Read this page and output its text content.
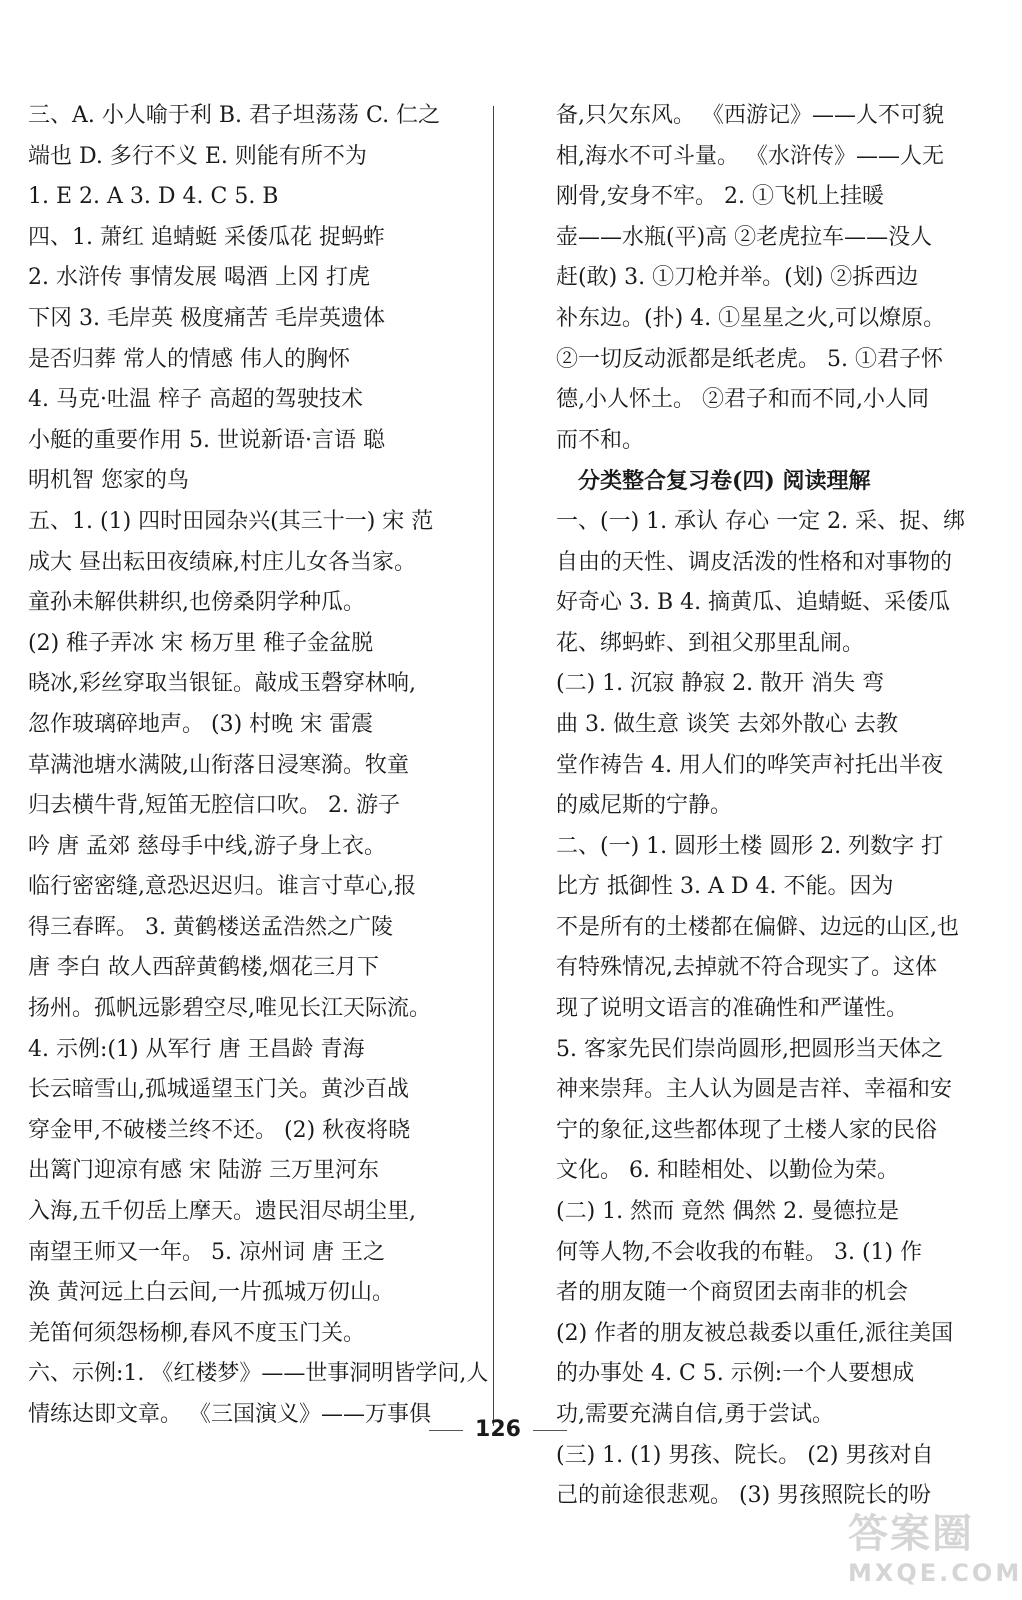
三、A. 小人喻于利 B. 君子坦荡荡 C. 仁之
端也 D. 多行不义 E. 则能有所不为
1. E 2. A 3. D 4. C 5. B
四、1. 萧红 追蜻蜓 采倭瓜花 捉蚂蚱
2. 水浒传 事情发展 喝酒 上冈 打虎
下冈 3. 毛岸英 极度痛苦 毛岸英遗体
是否归葬 常人的情感 伟人的胸怀
4. 马克·吐温 梓子 高超的驾驶技术
小艇的重要作用 5. 世说新语·言语 聪
明机智 您家的鸟
五、1. (1) 四时田园杂兴(其三十一) 宋 范
成大 昼出耘田夜绩麻,村庄儿女各当家。
童孙未解供耕织,也傍桑阴学种瓜。
(2) 稚子弄冰 宋 杨万里 稚子金盆脱
晓冰,彩丝穿取当银钲。敲成玉磬穿林响,
忽作玻璃碎地声。 (3) 村晚 宋 雷震
草满池塘水满陂,山衔落日浸寒漪。牧童
归去横牛背,短笛无腔信口吹。 2. 游子
吟 唐 孟郊 慈母手中线,游子身上衣。
临行密密缝,意恐迟迟归。谁言寸草心,报
得三春晖。 3. 黄鹤楼送孟浩然之广陵
唐 李白 故人西辞黄鹤楼,烟花三月下
扬州。孤帆远影碧空尽,唯见长江天际流。
4. 示例:(1) 从军行 唐 王昌龄 青海
长云暗雪山,孤城遥望玉门关。黄沙百战
穿金甲,不破楼兰终不还。 (2) 秋夜将晓
出篱门迎凉有感 宋 陆游 三万里河东
入海,五千仞岳上摩天。遗民泪尽胡尘里,
南望王师又一年。 5. 凉州词 唐 王之
涣 黄河远上白云间,一片孤城万仞山。
羌笛何须怨杨柳,春风不度玉门关。
六、示例:1. 《红楼梦》——世事洞明皆学问,人
情练达即文章。 《三国演义》——万事俱
备,只欠东风。 《西游记》——人不可貌
相,海水不可斗量。 《水浒传》——人无
刚骨,安身不牢。 2. ①飞机上挂暖
壶——水瓶(平)高 ②老虎拉车——没人
赶(敢) 3. ①刀枪并举。(划) ②拆西边
补东边。(扑) 4. ①星星之火,可以燎原。
②一切反动派都是纸老虎。 5. ①君子怀
德,小人怀土。 ②君子和而不同,小人同
而不和。
分类整合复习卷(四) 阅读理解
一、(一) 1. 承认 存心 一定 2. 采、捉、绑
自由的天性、调皮活泼的性格和对事物的
好奇心 3. B 4. 摘黄瓜、追蜻蜓、采倭瓜
花、绑蚂蚱、到祖父那里乱闹。
(二) 1. 沉寂 静寂 2. 散开 消失 弯
曲 3. 做生意 谈笑 去郊外散心 去教
堂作祷告 4. 用人们的哗笑声衬托出半夜
的威尼斯的宁静。
二、(一) 1. 圆形土楼 圆形 2. 列数字 打
比方 抵御性 3. A D 4. 不能。因为
不是所有的土楼都在偏僻、边远的山区,也
有特殊情况,去掉就不符合现实了。这体
现了说明文语言的准确性和严谨性。
5. 客家先民们崇尚圆形,把圆形当天体之
神来崇拜。主人认为圆是吉祥、幸福和安
宁的象征,这些都体现了土楼人家的民俗
文化。 6. 和睦相处、以勤俭为荣。
(二) 1. 然而 竟然 偶然 2. 曼德拉是
何等人物,不会收我的布鞋。 3. (1) 作
者的朋友随一个商贸团去南非的机会
(2) 作者的朋友被总裁委以重任,派往美国
的办事处 4. C 5. 示例:一个人要想成
功,需要充满自信,勇于尝试。
(三) 1. (1) 男孩、院长。 (2) 男孩对自
己的前途很悲观。 (3) 男孩照院长的吩
126
答案圈
MXQE.COM
